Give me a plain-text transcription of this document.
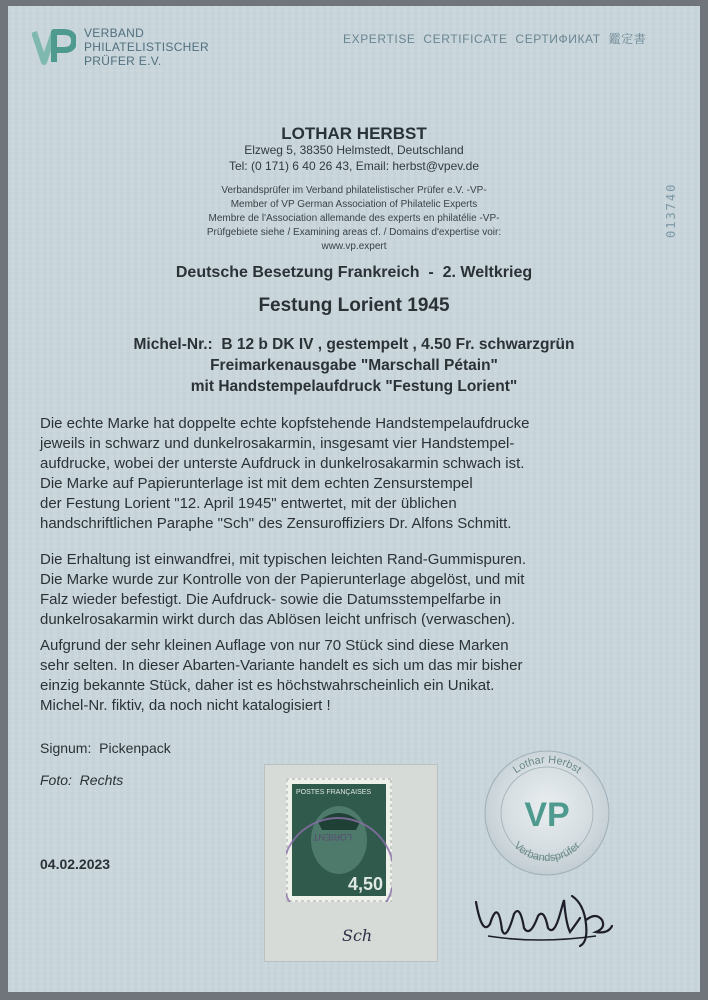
VERBAND
PHILATELISTISCHER
PRÜFER E.V.
EXPERTISE  CERTIFICATE  СЕРТИФИКАТ  鑑定書
013740
LOTHAR HERBST
Elzweg 5, 38350 Helmstedt, Deutschland
Tel: (0 171) 6 40 26 43, Email: herbst@vpev.de
Verbandsprüfer im Verband philatelistischer Prüfer e.V. -VP-
Member of VP German Association of Philatelic Experts
Membre de l'Association allemande des experts en philatélie -VP-
Prüfgebiete siehe / Examining areas cf. / Domains d'expertise voir:
www.vp.expert
Deutsche Besetzung Frankreich  -  2. Weltkrieg
Festung Lorient 1945
Michel-Nr.:  B 12 b DK IV , gestempelt , 4.50 Fr. schwarzgrün
Freimarkenausgabe "Marschall Pétain"
mit Handstempelaufdruck "Festung Lorient"
Die echte Marke hat doppelte echte kopfstehende Handstempelaufdrucke
jeweils in schwarz und dunkelrosakarmin, insgesamt vier Handstempel-
aufdrucke, wobei der unterste Aufdruck in dunkelrosakarmin schwach ist.
Die Marke auf Papierunterlage ist mit dem echten Zensurstempel
der Festung Lorient "12. April 1945" entwertet, mit der üblichen
handschriftlichen Paraphe "Sch" des Zensuroffiziers Dr. Alfons Schmitt.
Die Erhaltung ist einwandfrei, mit typischen leichten Rand-Gummispuren.
Die Marke wurde zur Kontrolle von der Papierunterlage abgelöst, und mit
Falz wieder befestigt. Die Aufdruck- sowie die Datumsstempelfarbe in
dunkelrosakarmin wirkt durch das Ablösen leicht unfrisch (verwaschen).
Aufgrund der sehr kleinen Auflage von nur 70 Stück sind diese Marken
sehr selten. In dieser Abarten-Variante handelt es sich um das mir bisher
einzig bekannte Stück, daher ist es höchstwahrscheinlich ein Unikat.
Michel-Nr. fiktiv, da noch nicht katalogisiert !
Signum:  Pickenpack
Foto:  Rechts
04.02.2023
POSTES FRANÇAISES
4,50
LORIENT
Sch
Lothar Herbst
Verbandsprüfer
VP
